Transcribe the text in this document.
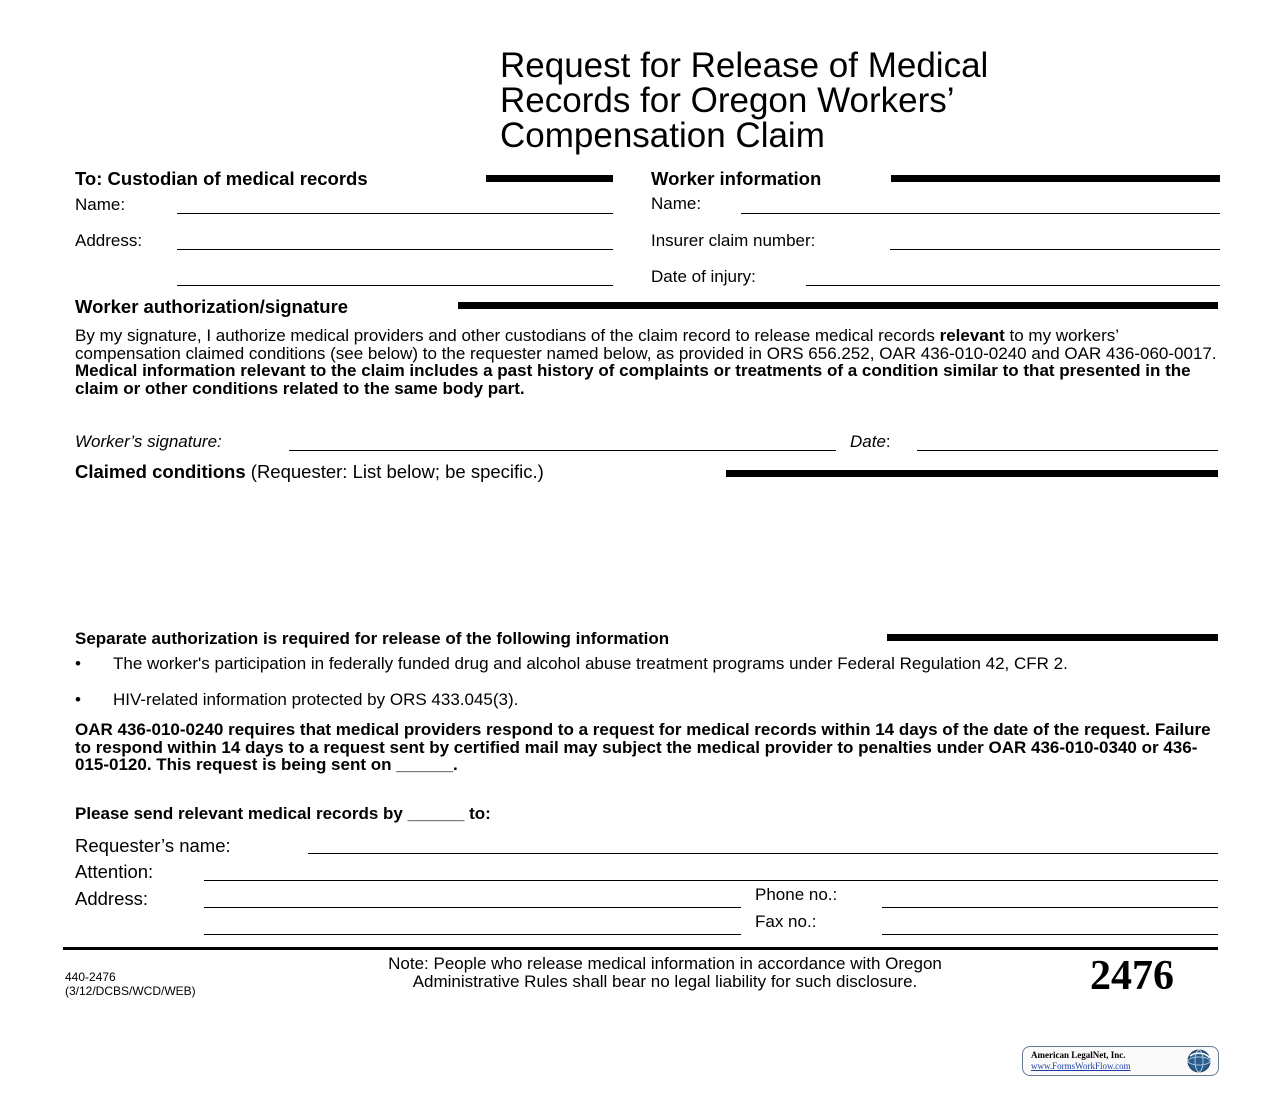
Request for Release of Medical
Records for Oregon Workers’
Compensation Claim
To: Custodian of medical records
Name:
Address:
Worker information
Name:
Insurer claim number:
Date of injury:
Worker authorization/signature
By my signature, I authorize medical providers and other custodians of the claim record to release medical records relevant to my workers’ compensation claimed conditions (see below) to the requester named below, as provided in ORS 656.252, OAR 436-010-0240 and OAR 436-060-0017. Medical information relevant to the claim includes a past history of complaints or treatments of a condition similar to that presented in the claim or other conditions related to the same body part.
Worker’s signature:	Date:
Claimed conditions (Requester: List below; be specific.)
Separate authorization is required for release of the following information
• The worker's participation in federally funded drug and alcohol abuse treatment programs under Federal Regulation 42, CFR 2.
• HIV-related information protected by ORS 433.045(3).
OAR 436-010-0240 requires that medical providers respond to a request for medical records within 14 days of the date of the request. Failure to respond within 14 days to a request sent by certified mail may subject the medical provider to penalties under OAR 436-010-0340 or 436-015-0120. This request is being sent on ______.
Please send relevant medical records by ______ to:
Requester’s name:
Attention:
Address:	Phone no.:
Fax no.:
440-2476
(3/12/DCBS/WCD/WEB)
Note: People who release medical information in accordance with Oregon
Administrative Rules shall bear no legal liability for such disclosure.	2476
American LegalNet, Inc.
www.FormsWorkFlow.com
